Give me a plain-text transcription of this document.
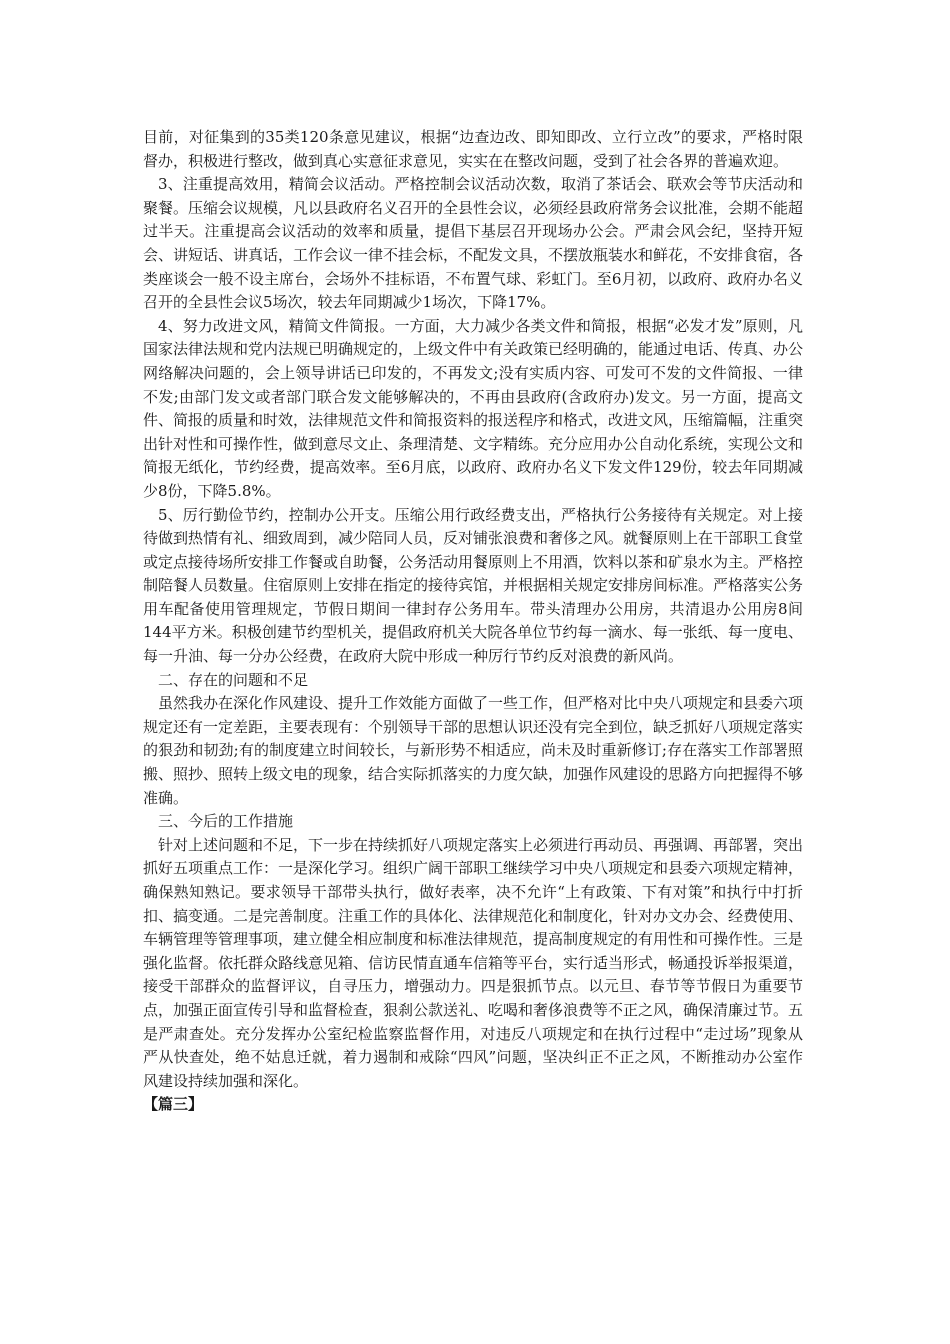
目前，对征集到的35类120条意见建议，根据“边查边改、即知即改、立行立改”的要求，严格时限督办，积极进行整改，做到真心实意征求意见，实实在在整改问题，受到了社会各界的普遍欢迎。

3、注重提高效用，精简会议活动。严格控制会议活动次数，取消了茶话会、联欢会等节庆活动和聚餐。压缩会议规模，凡以县政府名义召开的全县性会议，必须经县政府常务会议批准，会期不能超过半天。注重提高会议活动的效率和质量，提倡下基层召开现场办公会。严肃会风会纪，坚持开短会、讲短话、讲真话，工作会议一律不挂会标，不配发文具，不摆放瓶装水和鲜花，不安排食宿，各类座谈会一般不设主席台，会场外不挂标语，不布置气球、彩虹门。至6月初，以政府、政府办名义召开的全县性会议5场次，较去年同期减少1场次，下降17%。

4、努力改进文风，精简文件简报。一方面，大力减少各类文件和简报，根据“必发才发”原则，凡国家法律法规和党内法规已明确规定的，上级文件中有关政策已经明确的，能通过电话、传真、办公网络解决问题的，会上领导讲话已印发的，不再发文;没有实质内容、可发可不发的文件简报、一律不发;由部门发文或者部门联合发文能够解决的，不再由县政府(含政府办)发文。另一方面，提高文件、简报的质量和时效，法律规范文件和简报资料的报送程序和格式，改进文风，压缩篇幅，注重突出针对性和可操作性，做到意尽文止、条理清楚、文字精练。充分应用办公自动化系统，实现公文和简报无纸化，节约经费，提高效率。至6月底，以政府、政府办名义下发文件129份，较去年同期减少8份，下降5.8%。

5、厉行勤俭节约，控制办公开支。压缩公用行政经费支出，严格执行公务接待有关规定。对上接待做到热情有礼、细致周到，减少陪同人员，反对铺张浪费和奢侈之风。就餐原则上在干部职工食堂或定点接待场所安排工作餐或自助餐，公务活动用餐原则上不用酒，饮料以茶和矿泉水为主。严格控制陪餐人员数量。住宿原则上安排在指定的接待宾馆，并根据相关规定安排房间标准。严格落实公务用车配备使用管理规定，节假日期间一律封存公务用车。带头清理办公用房，共清退办公用房8间144平方米。积极创建节约型机关，提倡政府机关大院各单位节约每一滴水、每一张纸、每一度电、每一升油、每一分办公经费，在政府大院中形成一种厉行节约反对浪费的新风尚。

二、存在的问题和不足

虽然我办在深化作风建设、提升工作效能方面做了一些工作，但严格对比中央八项规定和县委六项规定还有一定差距，主要表现有：个别领导干部的思想认识还没有完全到位，缺乏抓好八项规定落实的狠劲和韧劲;有的制度建立时间较长，与新形势不相适应，尚未及时重新修订;存在落实工作部署照搬、照抄、照转上级文电的现象，结合实际抓落实的力度欠缺，加强作风建设的思路方向把握得不够准确。

三、今后的工作措施

针对上述问题和不足，下一步在持续抓好八项规定落实上必须进行再动员、再强调、再部署，突出抓好五项重点工作：一是深化学习。组织广阔干部职工继续学习中央八项规定和县委六项规定精神，确保熟知熟记。要求领导干部带头执行，做好表率，决不允许“上有政策、下有对策”和执行中打折扣、搞变通。二是完善制度。注重工作的具体化、法律规范化和制度化，针对办文办会、经费使用、车辆管理等管理事项，建立健全相应制度和标准法律规范，提高制度规定的有用性和可操作性。三是强化监督。依托群众路线意见箱、信访民情直通车信箱等平台，实行适当形式，畅通投诉举报渠道，接受干部群众的监督评议，自寻压力，增强动力。四是狠抓节点。以元旦、春节等节假日为重要节点，加强正面宣传引导和监督检查，狠刹公款送礼、吃喝和奢侈浪费等不正之风，确保清廉过节。五是严肃查处。充分发挥办公室纪检监察监督作用，对违反八项规定和在执行过程中“走过场”现象从严从快查处，绝不姑息迁就，着力遏制和戒除“四风”问题，坚决纠正不正之风，不断推动办公室作风建设持续加强和深化。

【篇三】
